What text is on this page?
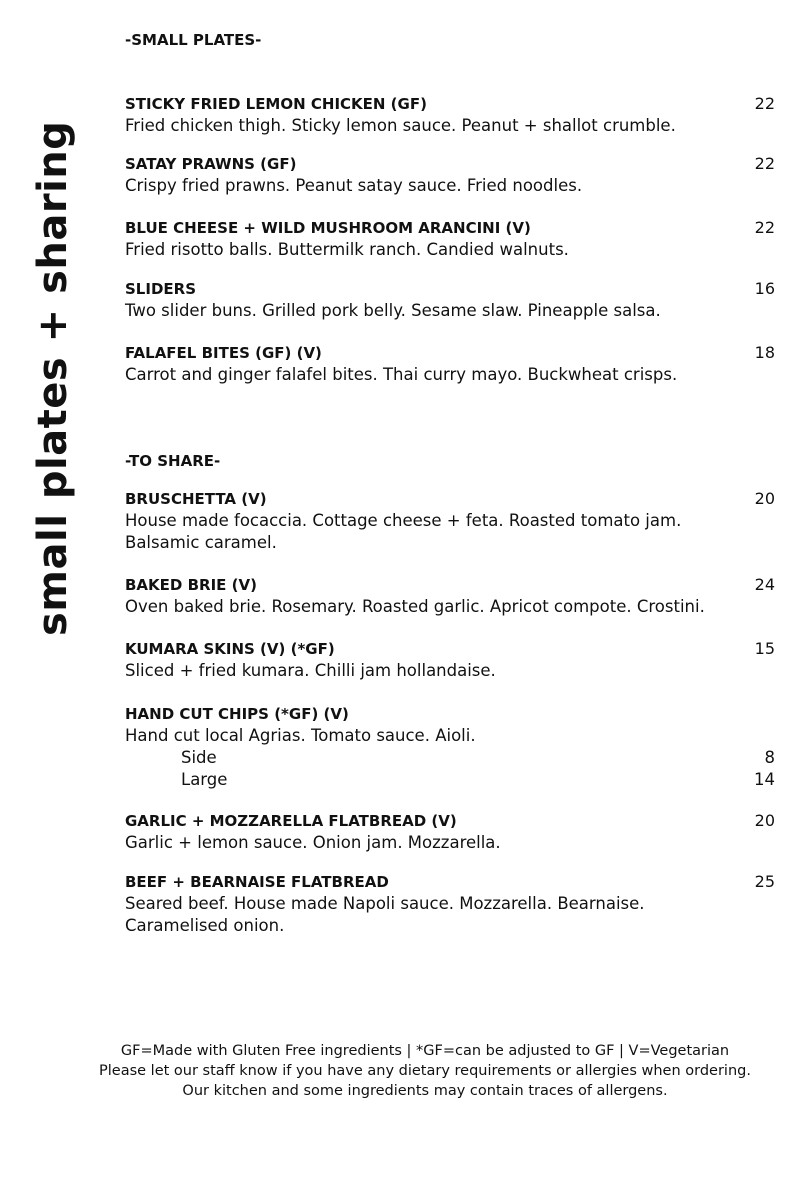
small plates + sharing
-SMALL PLATES-
STICKY FRIED LEMON CHICKEN (GF)	22
Fried chicken thigh. Sticky lemon sauce. Peanut + shallot crumble.
SATAY PRAWNS (GF)	22
Crispy fried prawns. Peanut satay sauce. Fried noodles.
BLUE CHEESE + WILD MUSHROOM ARANCINI (V)	22
Fried risotto balls. Buttermilk ranch. Candied walnuts.
SLIDERS	16
Two slider buns. Grilled pork belly. Sesame slaw. Pineapple salsa.
FALAFEL BITES (GF) (V)	18
Carrot and ginger falafel bites. Thai curry mayo. Buckwheat crisps.
-TO SHARE-
BRUSCHETTA (V)	20
House made focaccia. Cottage cheese + feta. Roasted tomato jam. Balsamic caramel.
BAKED BRIE (V)	24
Oven baked brie. Rosemary. Roasted garlic. Apricot compote. Crostini.
KUMARA SKINS (V) (*GF)	15
Sliced + fried kumara. Chilli jam hollandaise.
HAND CUT CHIPS (*GF) (V)
Hand cut local Agrias. Tomato sauce. Aioli.
Side	8
Large	14
GARLIC + MOZZARELLA FLATBREAD (V)	20
Garlic + lemon sauce. Onion jam. Mozzarella.
BEEF + BEARNAISE FLATBREAD	25
Seared beef. House made Napoli sauce. Mozzarella. Bearnaise. Caramelised onion.
GF=Made with Gluten Free ingredients | *GF=can be adjusted to GF | V=Vegetarian
Please let our staff know if you have any dietary requirements or allergies when ordering.
Our kitchen and some ingredients may contain traces of allergens.
